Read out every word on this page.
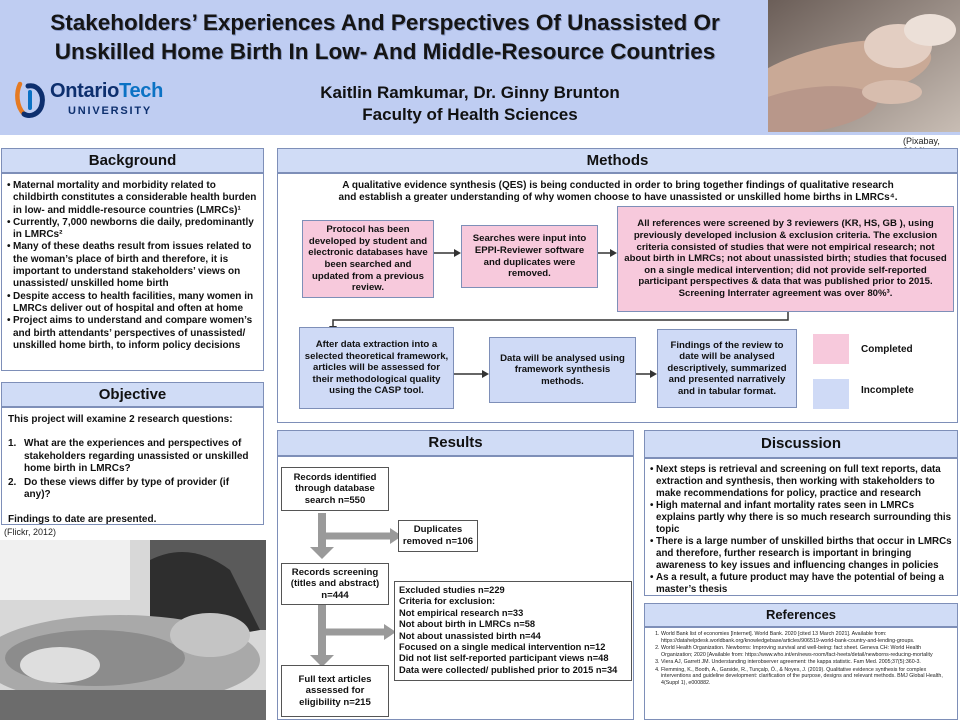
Stakeholders’ Experiences And Perspectives Of Unassisted Or
Unskilled Home Birth In Low- And Middle-Resource Countries
OntarioTech
UNIVERSITY
Kaitlin Ramkumar, Dr. Ginny Brunton
Faculty of Health Sciences
(Pixabay,
Background
• Maternal mortality and morbidity related to childbirth constitutes a considerable health burden in low- and middle-resource countries (LMRCs)¹
• Currently, 7,000 newborns die daily, predominantly in LMRCs²
• Many of these deaths result from issues related to the woman’s place of birth and therefore, it is important to understand stakeholders’ views on unassisted/ unskilled home birth
• Despite access to health facilities, many women in LMRCs deliver out of hospital and often at home
• Project aims to understand and compare women’s and birth attendants’ perspectives of unassisted/ unskilled home birth, to inform policy decisions
Objective
This project will examine 2 research questions:
1. What are the experiences and perspectives of stakeholders regarding unassisted or unskilled home birth in LMRCs?
2. Do these views differ by type of provider (if any)?
Findings to date are presented.
(Flickr, 2012)
Methods
A qualitative evidence synthesis (QES) is being conducted in order to bring together findings of qualitative research and establish a greater understanding of why women choose to have unassisted or unskilled home births in LMRCs⁴.
Protocol has been developed by student and electronic databases have been searched and updated from a previous review.
Searches were input into EPPI-Reviewer software and duplicates were removed.
All references were screened by 3 reviewers (KR, HS, GB ), using previously developed inclusion & exclusion criteria. The exclusion criteria consisted of studies that were not empirical research; not about birth in LMRCs; not about unassisted birth; studies that focused on a single medical intervention; did not provide self-reported participant perspectives & data that was published prior to 2015. Screening Interrater agreement was over 80%³.
After data extraction into a selected theoretical framework, articles will be assessed for their methodological quality using the CASP tool.
Data will be analysed using framework synthesis methods.
Findings of the review to date will be analysed descriptively, summarized and presented narratively and in tabular format.
Completed
Incomplete
Results
Records identified through database search n=550
Duplicates removed n=106
Records screening (titles and abstract) n=444	Excluded studies n=229
Criteria for exclusion:
Not empirical research n=33
Not about birth in LMRCs n=58
Not about unassisted birth n=44
Focused on a single medical intervention n=12
Did not list self-reported participant views n=48
Data were collected/ published prior to 2015 n=34
Full text articles assessed for eligibility n=215
Discussion
• Next steps is retrieval and screening on full text reports, data extraction and synthesis, then working with stakeholders to make recommendations for policy, practice and research
• High maternal and infant mortality rates seen in LMRCs explains partly why there is so much research surrounding this topic
• There is a large number of unskilled births that occur in LMRCs and therefore, further research is important in bringing awareness to key issues and influencing changes in policies
• As a result, a future product may have the potential of being a master’s thesis
References
1. World Bank list of economies [Internet]. World Bank. 2020 [cited 13 March 2021]. Available from: https://datahelpdesk.worldbank.org/knowledgebase/articles/906519-world-bank-country-and-lending-groups.
2. World Health Organization. Newborns: Improving survival and well-being: fact sheet. Geneva CH: World Health Organization; 2020 [Available from: https://www.who.int/en/news-room/fact-heets/detail/newborns-reducing-mortality
3. Viera AJ, Garrett JM. Understanding interobserver agreement: the kappa statistic. Fam Med. 2005;37(5):360-3.
4. Flemming, K., Booth, A., Garside, R., Tunçalp, Ö., & Noyes, J. (2019). Qualitative evidence synthesis for complex interventions and guideline development: clarification of the purpose, designs and relevant methods. BMJ Global Health, 4(Suppl 1), e000882.
